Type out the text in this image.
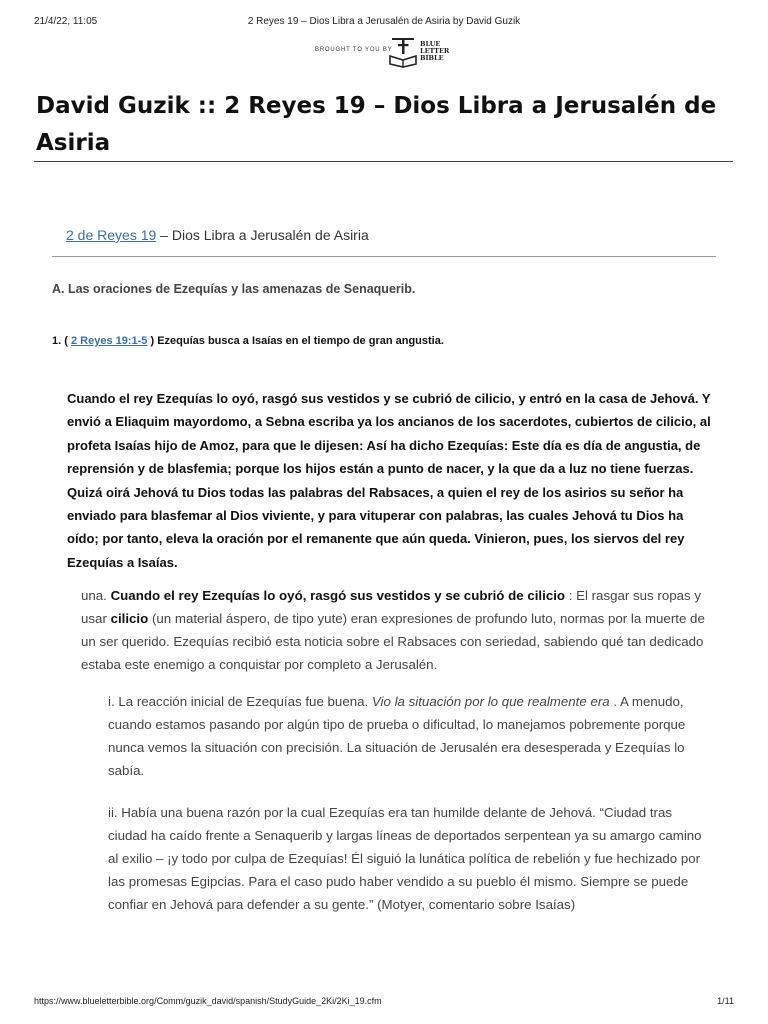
21/4/22, 11:05	2 Reyes 19 – Dios Libra a Jerusalén de Asiria by David Guzik
BROUGHT TO YOU BY
BLUE
LETTER
BIBLE
David Guzik :: 2 Reyes 19 – Dios Libra a Jerusalén de Asiria
2 de Reyes 19 – Dios Libra a Jerusalén de Asiria
A. Las oraciones de Ezequías y las amenazas de Senaquerib.
1. ( 2 Reyes 19:1-5 ) Ezequías busca a Isaías en el tiempo de gran angustia.

Cuando el rey Ezequías lo oyó, rasgó sus vestidos y se cubrió de cilicio, y entró en la casa de Jehová. Y envió a Eliaquim mayordomo, a Sebna escriba ya los ancianos de los sacerdotes, cubiertos de cilicio, al profeta Isaías hijo de Amoz, para que le dijesen: Así ha dicho Ezequías: Este día es día de angustia, de reprensión y de blasfemia; porque los hijos están a punto de nacer, y la que da a luz no tiene fuerzas. Quizá oirá Jehová tu Dios todas las palabras del Rabsaces, a quien el rey de los asirios su señor ha enviado para blasfemar al Dios viviente, y para vituperar con palabras, las cuales Jehová tu Dios ha oído; por tanto, eleva la oración por el remanente que aún queda. Vinieron, pues, los siervos del rey Ezequías a Isaías.

una. Cuando el rey Ezequías lo oyó, rasgó sus vestidos y se cubrió de cilicio : El rasgar sus ropas y usar cilicio (un material áspero, de tipo yute) eran expresiones de profundo luto, normas por la muerte de un ser querido. Ezequías recibió esta noticia sobre el Rabsaces con seriedad, sabiendo qué tan dedicado estaba este enemigo a conquistar por completo a Jerusalén.

i. La reacción inicial de Ezequías fue buena. Vio la situación por lo que realmente era . A menudo, cuando estamos pasando por algún tipo de prueba o dificultad, lo manejamos pobremente porque nunca vemos la situación con precisión. La situación de Jerusalén era desesperada y Ezequías lo sabía.

ii. Había una buena razón por la cual Ezequías era tan humilde delante de Jehová. “Ciudad tras ciudad ha caído frente a Senaquerib y largas líneas de deportados serpentean ya su amargo camino al exilio – ¡y todo por culpa de Ezequías! Él siguió la lunática política de rebelión y fue hechizado por las promesas Egipcias. Para el caso pudo haber vendido a su pueblo él mismo. Siempre se puede confiar en Jehová para defender a su gente.” (Motyer, comentario sobre Isaías)

https://www.blueletterbible.org/Comm/guzik_david/spanish/StudyGuide_2Ki/2Ki_19.cfm	1/11
